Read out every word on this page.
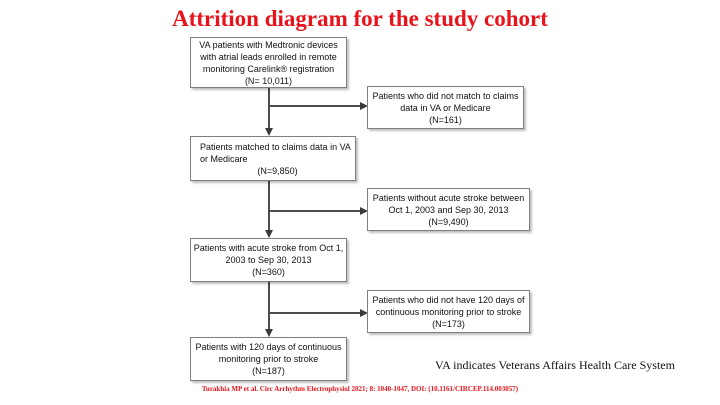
Attrition diagram for the study cohort
VA patients with Medtronic devices
with atrial leads enrolled in remote
monitoring Carelink® registration
(N= 10,011)
Patients matched to claims data in VA
or Medicare
(N=9,850)
Patients with acute stroke from Oct 1,
2003 to Sep 30, 2013
(N=360)
Patients with 120 days of continuous
monitoring prior to stroke
(N=187)
Patients who did not match to claims
data in VA or Medicare
(N=161)
Patients without acute stroke between
Oct 1, 2003 and Sep 30, 2013
(N=9,490)
Patients who did not have 120 days of
continuous monitoring prior to stroke
(N=173)
VA indicates Veterans Affairs Health Care System
Turakhia MP et al. Circ Arrhythm Electrophysiol 2021; 8: 1040-1047, DOI: (10.1161/CIRCEP.114.003057)
